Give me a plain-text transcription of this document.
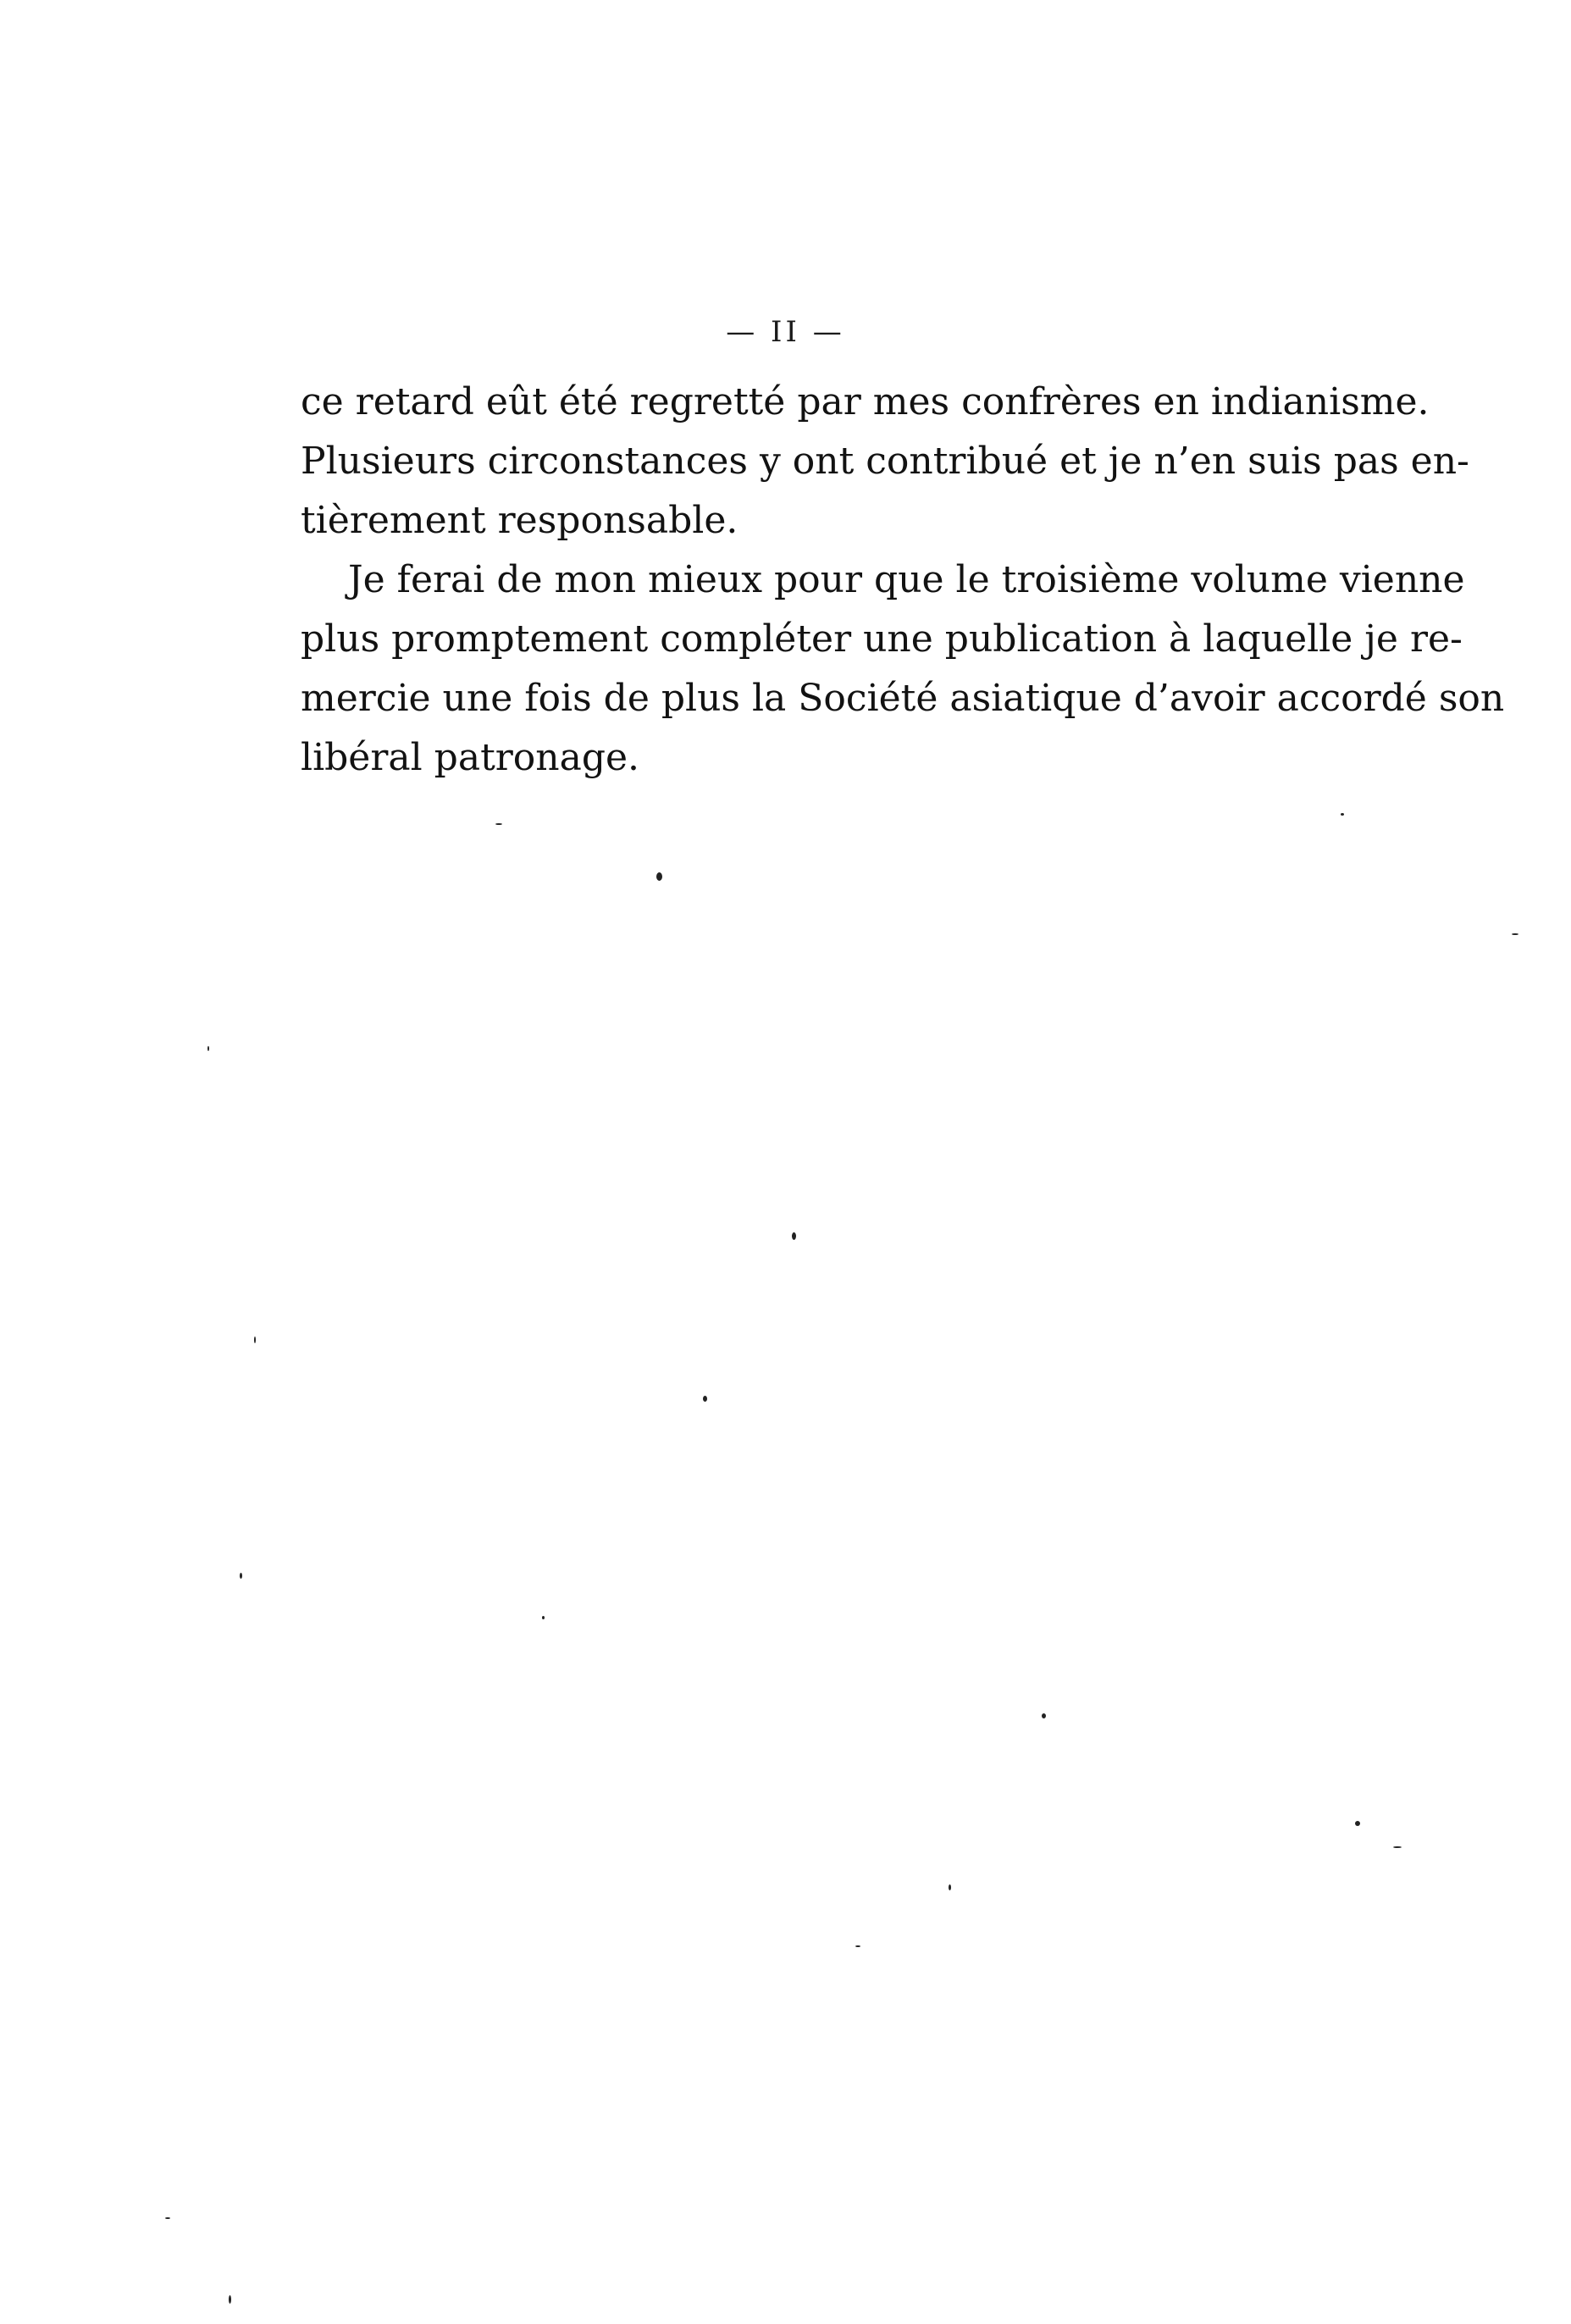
— II —
ce retard eût été regretté par mes confrères en indianisme.
Plusieurs circonstances y ont contribué et je n’en suis pas en-
tièrement responsable.
Je ferai de mon mieux pour que le troisième volume vienne
plus promptement compléter une publication à laquelle je re-
mercie une fois de plus la Société asiatique d’avoir accordé son
libéral patronage.
